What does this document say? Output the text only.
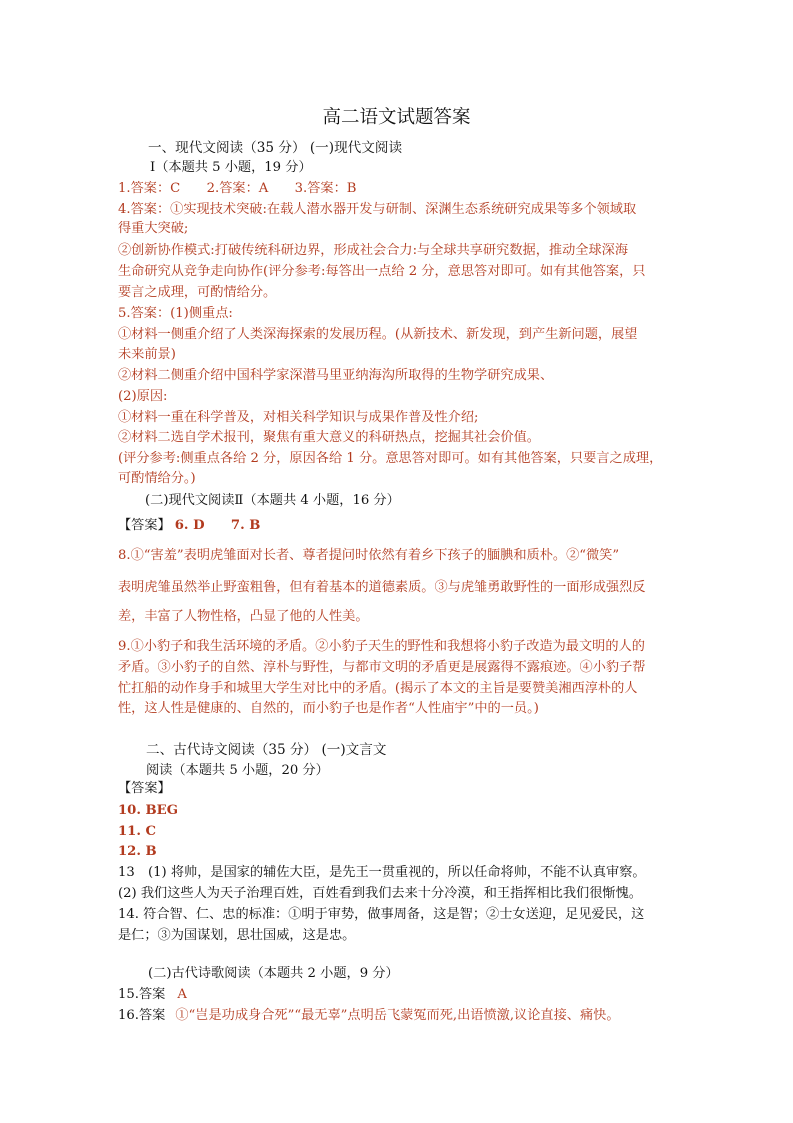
高二语文试题答案
一、现代文阅读（35 分） (一)现代文阅读
Ⅰ（本题共 5 小题，19 分）
1.答案：C　　2.答案：A　　3.答案：B
4.答案：①实现技术突破:在载人潜水器开发与研制、深渊生态系统研究成果等多个领域取
得重大突破;
②创新协作模式:打破传统科研边界，形成社会合力:与全球共享研究数据，推动全球深海
生命研究从竞争走向协作(评分参考:每答出一点给 2 分，意思答对即可。如有其他答案，只
要言之成理，可酌情给分。
5.答案：(1)侧重点:
①材料一侧重介绍了人类深海探索的发展历程。(从新技术、新发现，到产生新问题，展望
未来前景)
②材料二侧重介绍中国科学家深潜马里亚纳海沟所取得的生物学研究成果、
(2)原因:
①材料一重在科学普及，对相关科学知识与成果作普及性介绍;
②材料二选自学术报刊，聚焦有重大意义的科研热点，挖掘其社会价值。
(评分参考:侧重点各给 2 分，原因各给 1 分。意思答对即可。如有其他答案，只要言之成理，
可酌情给分。)
(二)现代文阅读Ⅱ（本题共 4 小题，16 分）
【答案】 6. D　　7. B
8.①“害羞”表明虎雏面对长者、尊者提问时依然有着乡下孩子的腼腆和质朴。②“微笑”
表明虎雏虽然举止野蛮粗鲁，但有着基本的道德素质。③与虎雏勇敢野性的一面形成强烈反
差，丰富了人物性格，凸显了他的人性美。
9.①小豹子和我生活环境的矛盾。②小豹子天生的野性和我想将小豹子改造为最文明的人的
矛盾。③小豹子的自然、淳朴与野性，与都市文明的矛盾更是展露得不露痕迹。④小豹子帮
忙扛船的动作身手和城里大学生对比中的矛盾。(揭示了本文的主旨是要赞美湘西淳朴的人
性，这人性是健康的、自然的，而小豹子也是作者“人性庙宇”中的一员。)
二、古代诗文阅读（35 分） (一)文言文
阅读（本题共 5 小题，20 分）
【答案】
10. BEG
11. C
12. B
13　(1) 将帅，是国家的辅佐大臣，是先王一贯重视的，所以任命将帅，不能不认真审察。
(2) 我们这些人为天子治理百姓，百姓看到我们去来十分冷漠，和王指挥相比我们很惭愧。
14. 符合智、仁、忠的标准：①明于审势，做事周备，这是智；②士女送迎，足见爱民，这
是仁；③为国谋划，思壮国威，这是忠。
(二)古代诗歌阅读（本题共 2 小题，9 分）
15.答案 A
16.答案 ①“岂是功成身合死”“最无辜”点明岳飞蒙冤而死,出语愤激,议论直接、痛快。
